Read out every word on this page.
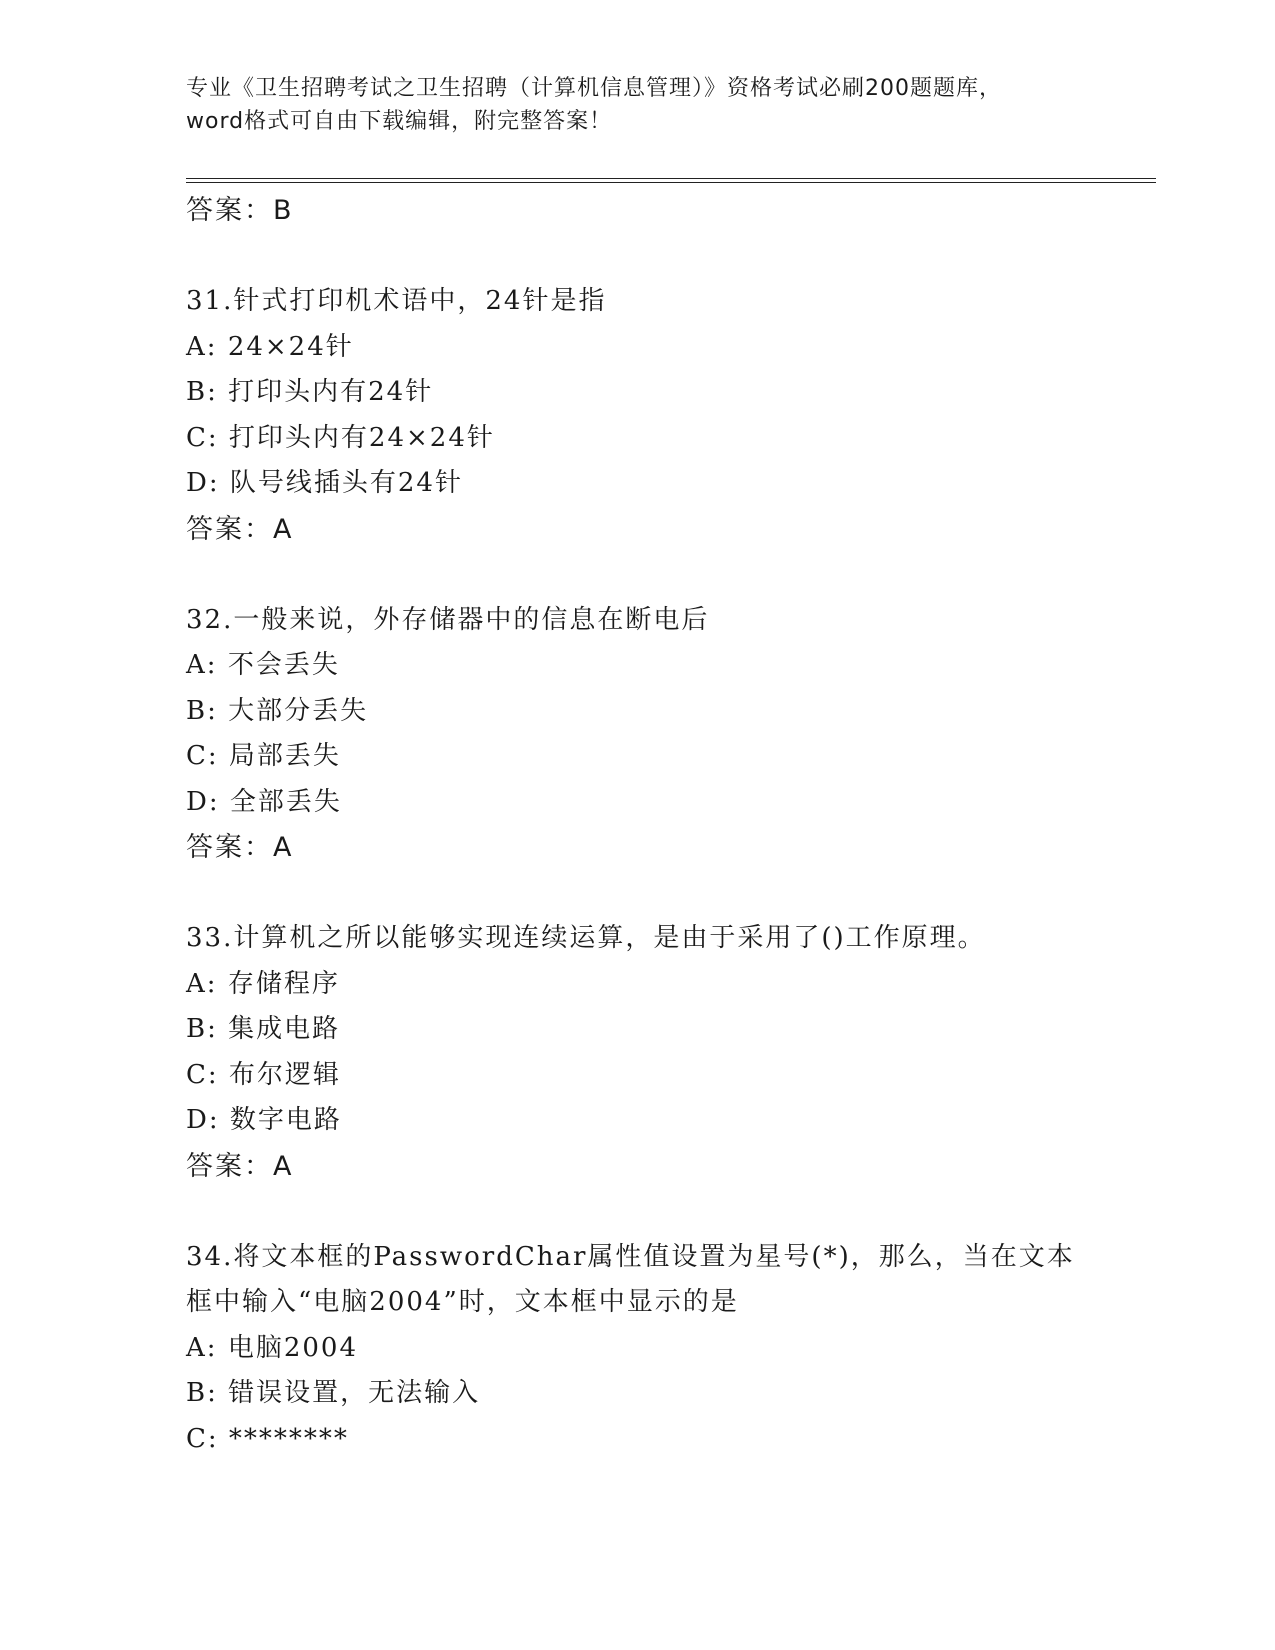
专业《卫生招聘考试之卫生招聘（计算机信息管理）》资格考试必刷200题题库，
word格式可自由下载编辑，附完整答案！
答案：B
31.针式打印机术语中，24针是指
A: 24×24针
B: 打印头内有24针
C: 打印头内有24×24针
D: 队号线插头有24针
答案：A
32.一般来说，外存储器中的信息在断电后
A: 不会丢失
B: 大部分丢失
C: 局部丢失
D: 全部丢失
答案：A
33.计算机之所以能够实现连续运算，是由于采用了()工作原理。
A: 存储程序
B: 集成电路
C: 布尔逻辑
D: 数字电路
答案：A
34.将文本框的PasswordChar属性值设置为星号(*)，那么，当在文本
框中输入“电脑2004”时，文本框中显示的是
A: 电脑2004
B: 错误设置，无法输入
C: ********
